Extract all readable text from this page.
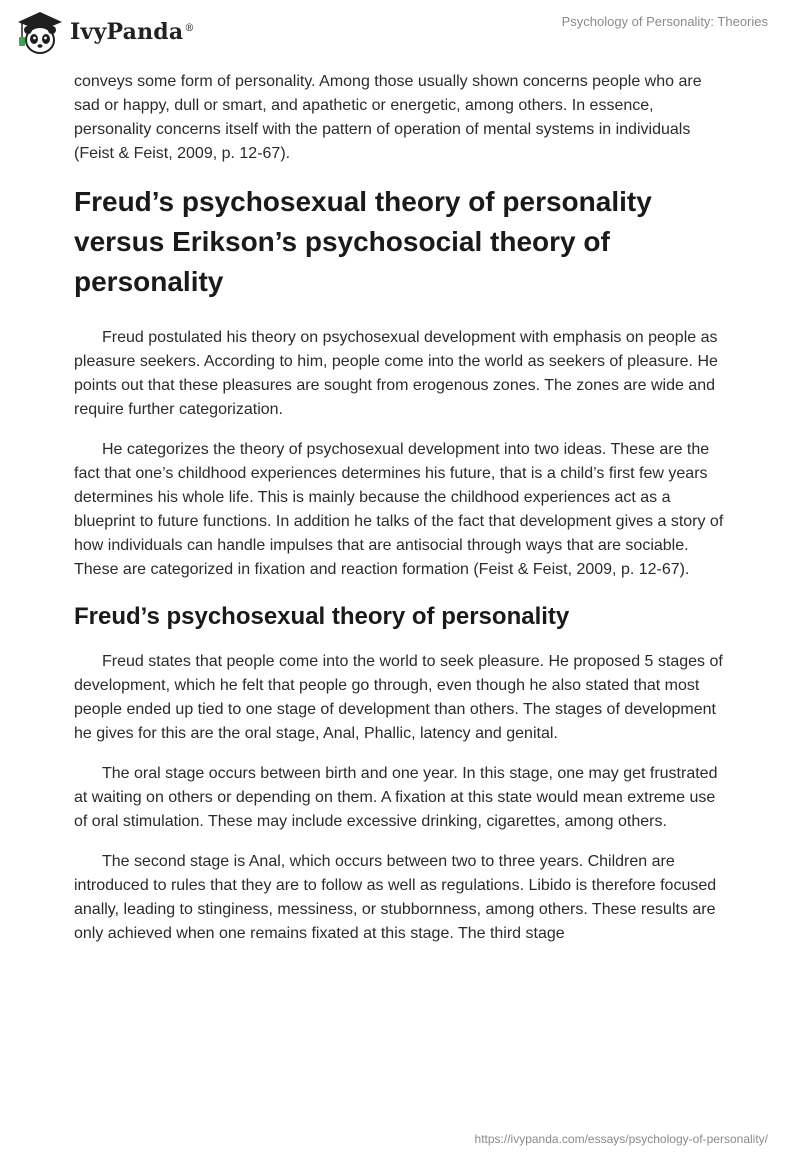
IvyPanda®	Psychology of Personality: Theories

conveys some form of personality. Among those usually shown concerns people who are sad or happy, dull or smart, and apathetic or energetic, among others. In essence, personality concerns itself with the pattern of operation of mental systems in individuals (Feist & Feist, 2009, p. 12-67).

Freud’s psychosexual theory of personality versus Erikson’s psychosocial theory of personality

Freud postulated his theory on psychosexual development with emphasis on people as pleasure seekers. According to him, people come into the world as seekers of pleasure. He points out that these pleasures are sought from erogenous zones. The zones are wide and require further categorization.

He categorizes the theory of psychosexual development into two ideas. These are the fact that one’s childhood experiences determines his future, that is a child’s first few years determines his whole life. This is mainly because the childhood experiences act as a blueprint to future functions. In addition he talks of the fact that development gives a story of how individuals can handle impulses that are antisocial through ways that are sociable. These are categorized in fixation and reaction formation (Feist & Feist, 2009, p. 12-67).

Freud’s psychosexual theory of personality

Freud states that people come into the world to seek pleasure. He proposed 5 stages of development, which he felt that people go through, even though he also stated that most people ended up tied to one stage of development than others. The stages of development he gives for this are the oral stage, Anal, Phallic, latency and genital.

The oral stage occurs between birth and one year. In this stage, one may get frustrated at waiting on others or depending on them. A fixation at this state would mean extreme use of oral stimulation. These may include excessive drinking, cigarettes, among others.

The second stage is Anal, which occurs between two to three years. Children are introduced to rules that they are to follow as well as regulations. Libido is therefore focused anally, leading to stinginess, messiness, or stubbornness, among others. These results are only achieved when one remains fixated at this stage. The third stage

https://ivypanda.com/essays/psychology-of-personality/
